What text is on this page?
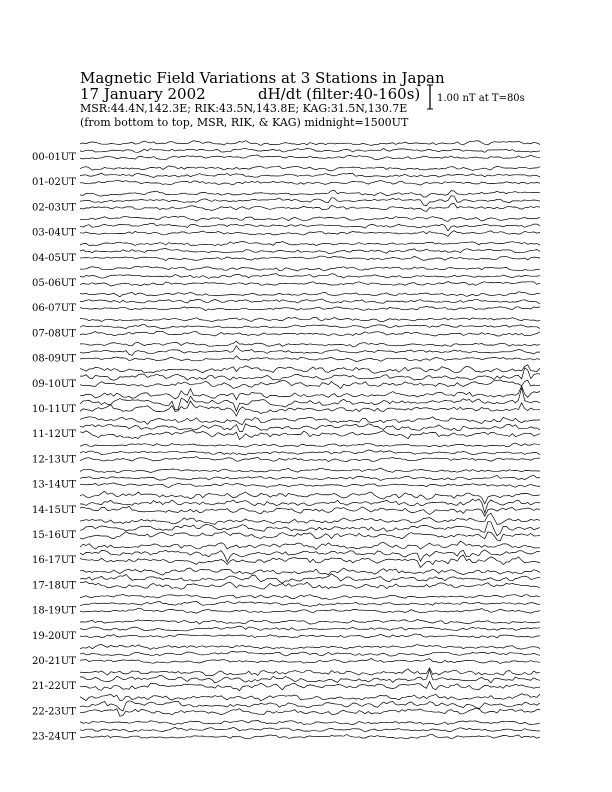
Magnetic Field Variations at 3 Stations in Japan
17 January 2002	dH/dt (filter:40-160s)
MSR:44.4N,142.3E; RIK:43.5N,143.8E; KAG:31.5N,130.7E
(from bottom to top, MSR, RIK, & KAG) midnight=1500UT
1.00 nT at T=80s
00-01UT
01-02UT
02-03UT
03-04UT
04-05UT
05-06UT
06-07UT
07-08UT
08-09UT
09-10UT
10-11UT
11-12UT
12-13UT
13-14UT
14-15UT
15-16UT
16-17UT
17-18UT
18-19UT
19-20UT
20-21UT
21-22UT
22-23UT
23-24UT
